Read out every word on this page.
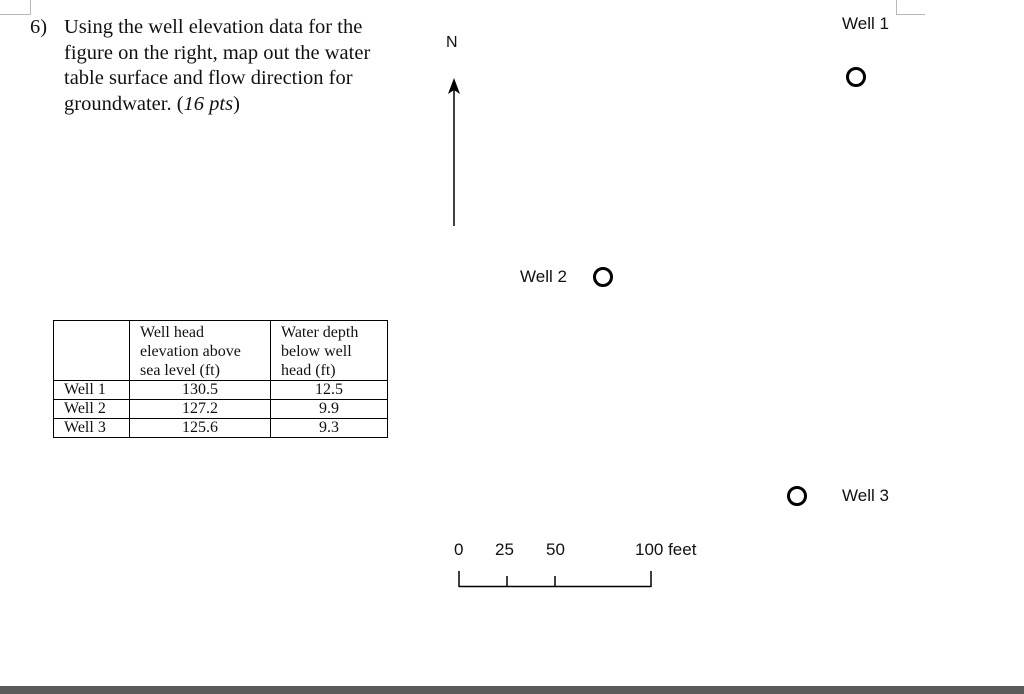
6) Using the well elevation data for the
figure on the right, map out the water
table surface and flow direction for
groundwater. (16 pts)
	Well head elevation above sea level (ft)	Water depth below well head (ft)
Well 1	130.5	12.5
Well 2	127.2	9.9
Well 3	125.6	9.3
N
Well 1
Well 2
Well 3
0 25 50	100 feet
